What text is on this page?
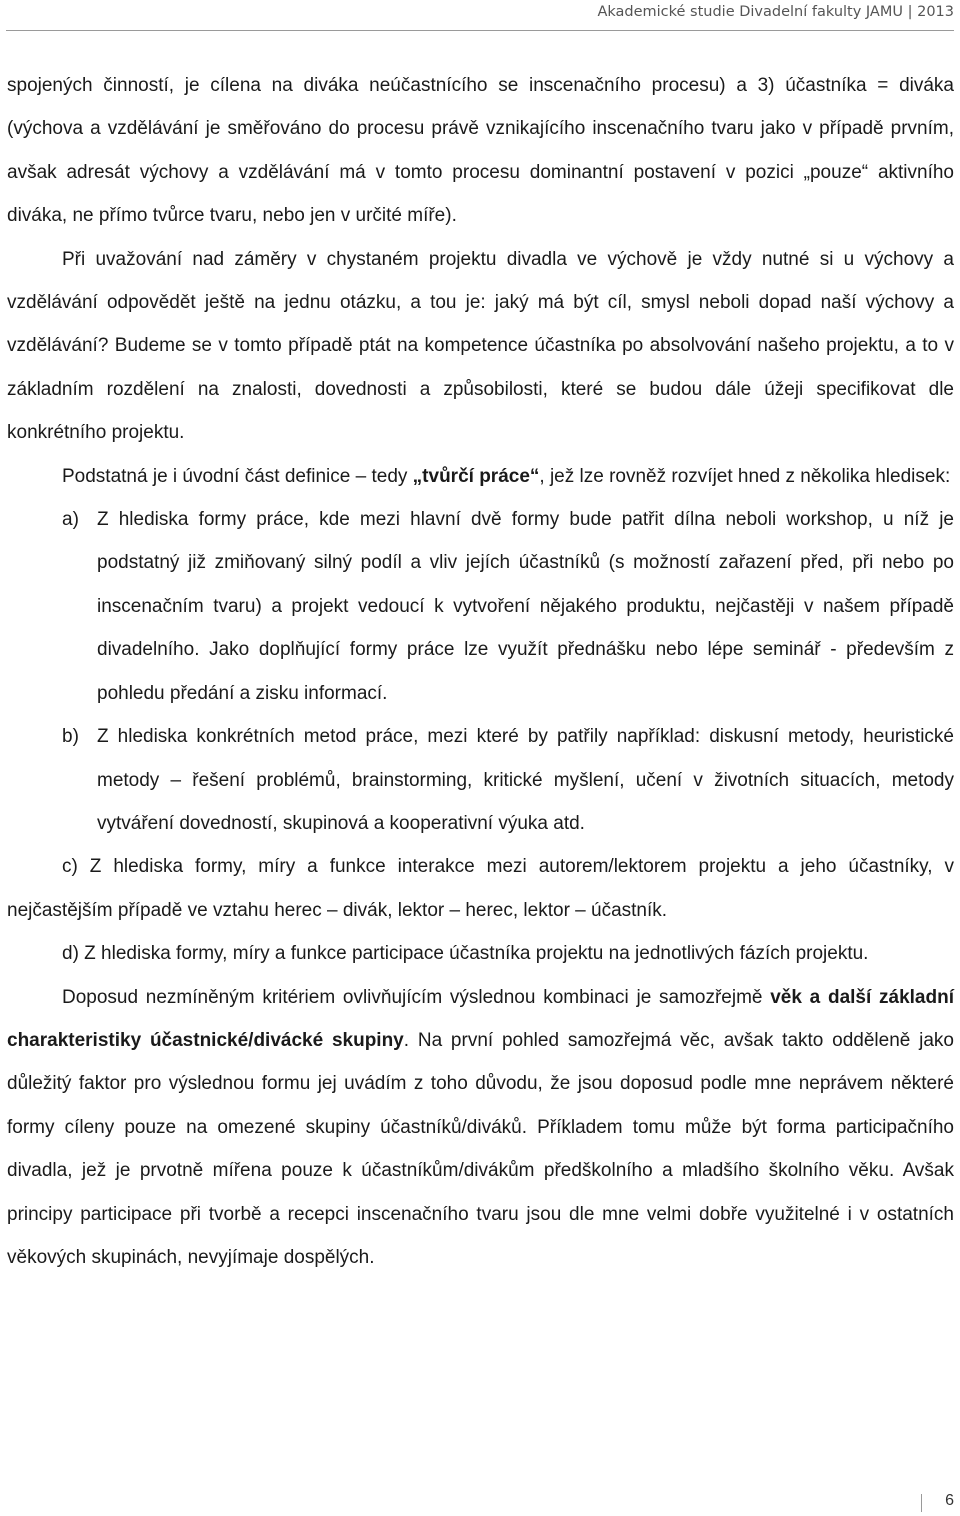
Akademické studie Divadelní fakulty JAMU | 2013

spojených činností, je cílena na diváka neúčastnícího se inscenačního procesu) a 3) účastníka = diváka (výchova a vzdělávání je směřováno do procesu právě vznikajícího inscenačního tvaru jako v případě prvním, avšak adresát výchovy a vzdělávání má v tomto procesu dominantní postavení v pozici „pouze“ aktivního diváka, ne přímo tvůrce tvaru, nebo jen v určité míře).

Při uvažování nad záměry v chystaném projektu divadla ve výchově je vždy nutné si u výchovy a vzdělávání odpovědět ještě na jednu otázku, a tou je: jaký má být cíl, smysl neboli dopad naší výchovy a vzdělávání? Budeme se v tomto případě ptát na kompetence účastníka po absolvování našeho projektu, a to v základním rozdělení na znalosti, dovednosti a způsobilosti, které se budou dále úžeji specifikovat dle konkrétního projektu.

Podstatná je i úvodní část definice – tedy „tvůrčí práce“, jež lze rovněž rozvíjet hned z několika hledisek:

a) Z hlediska formy práce, kde mezi hlavní dvě formy bude patřit dílna neboli workshop, u níž je podstatný již zmiňovaný silný podíl a vliv jejích účastníků (s možností zařazení před, při nebo po inscenačním tvaru) a projekt vedoucí k vytvoření nějakého produktu, nejčastěji v našem případě divadelního. Jako doplňující formy práce lze využít přednášku nebo lépe seminář - především z pohledu předání a zisku informací.
b) Z hlediska konkrétních metod práce, mezi které by patřily například: diskusní metody, heuristické metody – řešení problémů, brainstorming, kritické myšlení, učení v životních situacích, metody vytváření dovedností, skupinová a kooperativní výuka atd.

c) Z hlediska formy, míry a funkce interakce mezi autorem/lektorem projektu a jeho účastníky, v nejčastějším případě ve vztahu herec – divák, lektor – herec, lektor – účastník.

d) Z hlediska formy, míry a funkce participace účastníka projektu na jednotlivých fázích projektu.

Doposud nezmíněným kritériem ovlivňujícím výslednou kombinaci je samozřejmě věk a další základní charakteristiky účastnické/divácké skupiny. Na první pohled samozřejmá věc, avšak takto odděleně jako důležitý faktor pro výslednou formu jej uvádím z toho důvodu, že jsou doposud podle mne neprávem některé formy cíleny pouze na omezené skupiny účastníků/diváků. Příkladem tomu může být forma participačního divadla, jež je prvotně mířena pouze k účastníkům/divákům předškolního a mladšího školního věku. Avšak principy participace při tvorbě a recepci inscenačního tvaru jsou dle mne velmi dobře využitelné i v ostatních věkových skupinách, nevyjímaje dospělých.

6
